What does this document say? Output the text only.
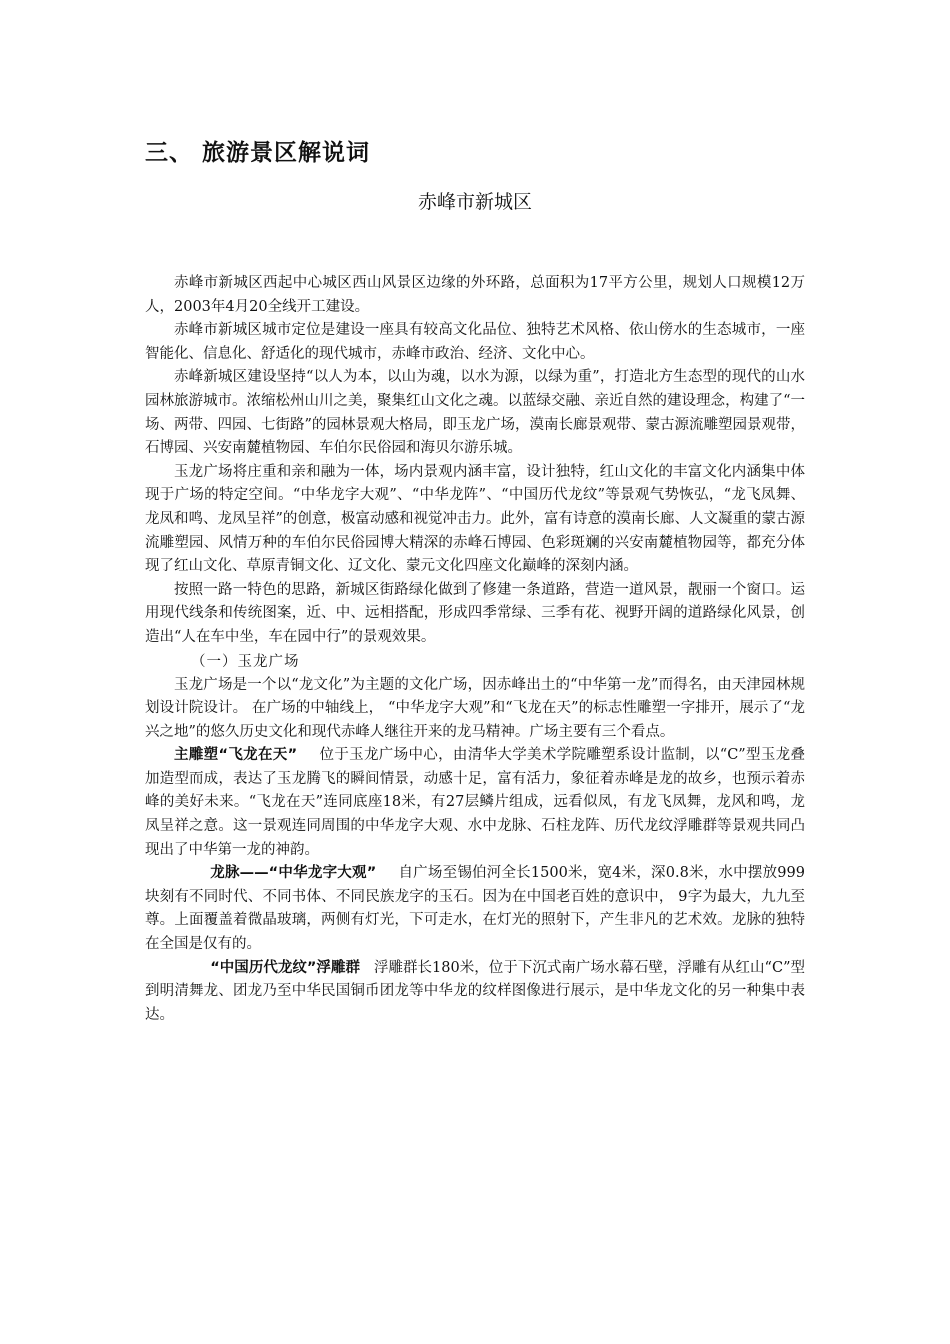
三、 旅游景区解说词
赤峰市新城区

赤峰市新城区西起中心城区西山风景区边缘的外环路，总面积为17平方公里，规划人口规模12万人，2003年4月20全线开工建设。

赤峰市新城区城市定位是建设一座具有较高文化品位、独特艺术风格、依山傍水的生态城市，一座智能化、信息化、舒适化的现代城市，赤峰市政治、经济、文化中心。

赤峰新城区建设坚持“以人为本，以山为魂，以水为源，以绿为重”，打造北方生态型的现代的山水园林旅游城市。浓缩松州山川之美，聚集红山文化之魂。以蓝绿交融、亲近自然的建设理念，构建了“一场、两带、四园、七街路”的园林景观大格局，即玉龙广场，漠南长廊景观带、蒙古源流雕塑园景观带，石博园、兴安南麓植物园、车伯尔民俗园和海贝尔游乐城。

玉龙广场将庄重和亲和融为一体，场内景观内涵丰富，设计独特，红山文化的丰富文化内涵集中体现于广场的特定空间。“中华龙字大观”、“中华龙阵”、“中国历代龙纹”等景观气势恢弘，“龙飞凤舞、龙凤和鸣、龙凤呈祥”的创意，极富动感和视觉冲击力。此外，富有诗意的漠南长廊、人文凝重的蒙古源流雕塑园、风情万种的车伯尔民俗园博大精深的赤峰石博园、色彩斑斓的兴安南麓植物园等，都充分体现了红山文化、草原青铜文化、辽文化、蒙元文化四座文化巅峰的深刻内涵。

按照一路一特色的思路，新城区街路绿化做到了修建一条道路，营造一道风景，靓丽一个窗口。运用现代线条和传统图案，近、中、远相搭配，形成四季常绿、三季有花、视野开阔的道路绿化风景，创造出“人在车中坐，车在园中行”的景观效果。

（一）玉龙广场

玉龙广场是一个以“龙文化”为主题的文化广场，因赤峰出土的“中华第一龙”而得名，由天津园林规划设计院设计。 在广场的中轴线上， “中华龙字大观”和“飞龙在天”的标志性雕塑一字排开，展示了“龙兴之地”的悠久历史文化和现代赤峰人继往开来的龙马精神。广场主要有三个看点。

主雕塑“飞龙在天” 位于玉龙广场中心，由清华大学美术学院雕塑系设计监制，以“C”型玉龙叠加造型而成，表达了玉龙腾飞的瞬间情景，动感十足，富有活力，象征着赤峰是龙的故乡，也预示着赤峰的美好未来。“飞龙在天”连同底座18米，有27层鳞片组成，远看似凤，有龙飞凤舞，龙风和鸣，龙凤呈祥之意。这一景观连同周围的中华龙字大观、水中龙脉、石柱龙阵、历代龙纹浮雕群等景观共同凸现出了中华第一龙的神韵。

龙脉——“中华龙字大观” 自广场至锡伯河全长1500米，宽4米，深0.8米，水中摆放999块刻有不同时代、不同书体、不同民族龙字的玉石。因为在中国老百姓的意识中， 9字为最大，九九至尊。上面覆盖着微晶玻璃，两侧有灯光，下可走水，在灯光的照射下，产生非凡的艺术效。龙脉的独特在全国是仅有的。

“中国历代龙纹”浮雕群 浮雕群长180米，位于下沉式南广场水幕石壁，浮雕有从红山“C”型到明清舞龙、团龙乃至中华民国铜币团龙等中华龙的纹样图像进行展示，是中华龙文化的另一种集中表达。
